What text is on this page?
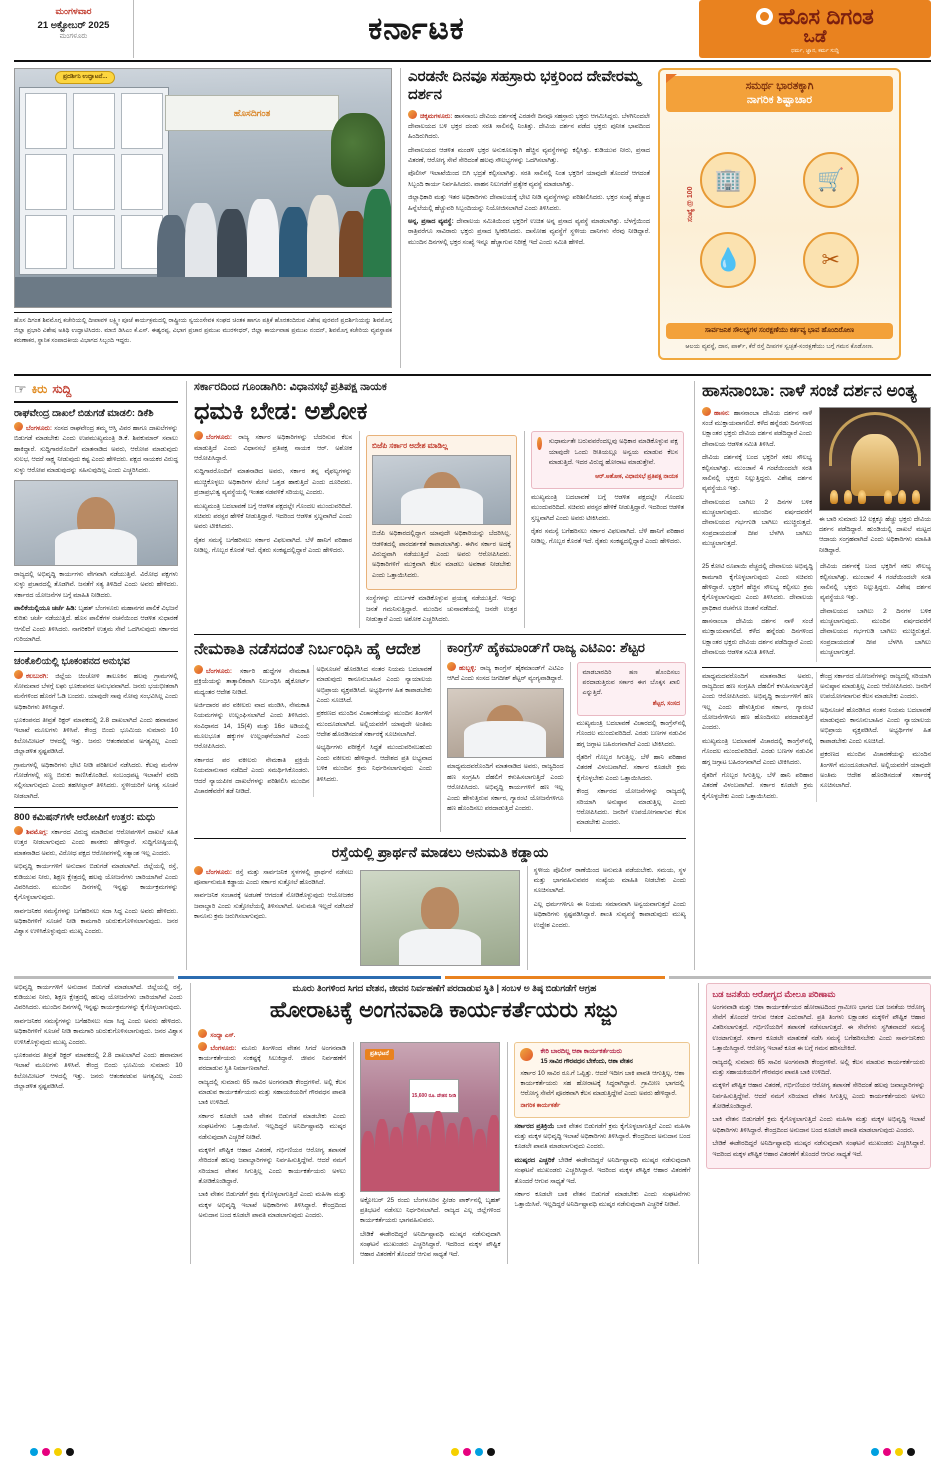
ಮಂಗಳವಾರ
21 ಅಕ್ಟೋಬರ್ 2025
ಮಂಗಳೂರು	ಕರ್ನಾಟಕ	ಹೊಸ ದಿಗಂತ
ಒಡೆ
ಧರ್ಮ, ಜ್ಞಾನ, ಕರ್ಮ ಸುದ್ದಿ
ಹೊಸದಿಗಂತ
ಪ್ರದರ್ಶಿನಿ ಉದ್ಘಾಟನೆ...
ಹೊಸ ದಿಗಂತ ಶಿವಮೊಗ್ಗ ಕಚೇರಿಯಲ್ಲಿ ದೀಪಾವಳಿ ಲಕ್ಷ್ಮೀ ಪೂಜೆ ಕಾರ್ಯಕ್ರಮದಲ್ಲಿ ರಾಷ್ಟ್ರೀಯ ಸ್ವಯಂಸೇವಕ ಸಂಘದ ಚಿಂತಕ ಹಾಗೂ ಪತ್ರಿಕೆ ಹೊರತಂದಿರುವ ವಿಶೇಷ ಪುರವಣಿ ಪ್ರದರ್ಶಿನಿಯನ್ನು ಶಿವಮೊಗ್ಗ ಜಿಲ್ಲಾ ಪ್ರಭಾರಿ ವಿಶೇಷ ಅತಿಥಿ ಉದ್ಘಾಟಿಸಿದರು. ಮಾಜಿ ಡಿಸಿಎಂ ಕೆ.ಎಸ್. ಈಶ್ವರಪ್ಪ, ವಿಭಾಗ ಪ್ರಚಾರ ಪ್ರಮುಖ ಮುರಳೀಧರ್, ಜಿಲ್ಲಾ ಕಾರ್ಯವಾಹ ಪ್ರಮುಖ ನಂದನ್, ಶಿವಮೊಗ್ಗ ಕಚೇರಿಯ ವ್ಯವಸ್ಥಾಪಕ ಕರುಣಾಕರ, ಸ್ಥಾನಿಕ ಸಂಪಾದಕೀಯ ವಿಭಾಗದ ಸಿಬ್ಬಂದಿ ಇದ್ದರು.
ಎರಡನೇ ದಿನವೂ ಸಹಸ್ರಾರು ಭಕ್ತರಿಂದ ದೇವೇರಮ್ಮ ದರ್ಶನ

ಚಿಕ್ಕಮಗಳೂರು: ಹಾಸನಾಂಬ ದೇವಿಯ ದರ್ಶನಕ್ಕೆ ಎರಡನೇ ದಿನವೂ ಸಹಸ್ರಾರು ಭಕ್ತರು ಆಗಮಿಸಿದ್ದರು. ಬೆಳಗಿನಿಂದಲೇ ದೇವಾಲಯದ ಬಳಿ ಭಕ್ತರ ದಂಡು ಸರತಿ ಸಾಲಿನಲ್ಲಿ ನಿಂತಿತ್ತು. ದೇವಿಯ ದರ್ಶನ ಪಡೆದ ಭಕ್ತರು ಪುನೀತ ಭಾವದಿಂದ ಹಿಂದಿರುಗಿದರು.

ದೇವಾಲಯದ ಆಡಳಿತ ಮಂಡಳಿ ಭಕ್ತರ ಅನುಕೂಲಕ್ಕಾಗಿ ಹೆಚ್ಚಿನ ವ್ಯವಸ್ಥೆಗಳನ್ನು ಕಲ್ಪಿಸಿತ್ತು. ಕುಡಿಯುವ ನೀರು, ಪ್ರಸಾದ ವಿತರಣೆ, ಆರೋಗ್ಯ ಸೇವೆ ಸೇರಿದಂತೆ ಹಲವು ಸೌಲಭ್ಯಗಳನ್ನು ಒದಗಿಸಲಾಗಿತ್ತು.

ಪೊಲೀಸ್ ಇಲಾಖೆಯಿಂದ ಬಿಗಿ ಭದ್ರತೆ ಕಲ್ಪಿಸಲಾಗಿತ್ತು. ಸರತಿ ಸಾಲಿನಲ್ಲಿ ನಿಂತ ಭಕ್ತರಿಗೆ ಯಾವುದೇ ತೊಂದರೆ ಆಗದಂತೆ ಸಿಬ್ಬಂದಿ ಕಾರ್ಯ ನಿರ್ವಹಿಸಿದರು. ವಾಹನ ನಿಲುಗಡೆಗೆ ಪ್ರತ್ಯೇಕ ವ್ಯವಸ್ಥೆ ಮಾಡಲಾಗಿತ್ತು.

ಜಿಲ್ಲಾಧಿಕಾರಿ ಮತ್ತು ಇತರ ಅಧಿಕಾರಿಗಳು ದೇವಾಲಯಕ್ಕೆ ಭೇಟಿ ನೀಡಿ ವ್ಯವಸ್ಥೆಗಳನ್ನು ಪರಿಶೀಲಿಸಿದರು. ಭಕ್ತರ ಸಂಖ್ಯೆ ಹೆಚ್ಚಾದ ಹಿನ್ನೆಲೆಯಲ್ಲಿ ಹೆಚ್ಚುವರಿ ಸಿಬ್ಬಂದಿಯನ್ನು ನಿಯೋಜಿಸಲಾಗಿದೆ ಎಂದು ತಿಳಿಸಿದರು.

ಅನ್ನ, ಪ್ರಸಾದ ವ್ಯವಸ್ಥೆ: ದೇವಾಲಯ ಸಮಿತಿಯಿಂದ ಭಕ್ತರಿಗೆ ಉಚಿತ ಅನ್ನ ಪ್ರಸಾದ ವ್ಯವಸ್ಥೆ ಮಾಡಲಾಗಿತ್ತು. ಬೆಳಗ್ಗೆಯಿಂದ ರಾತ್ರಿವರೆಗೂ ಸಾವಿರಾರು ಭಕ್ತರು ಪ್ರಸಾದ ಸ್ವೀಕರಿಸಿದರು. ದಾಸೋಹ ವ್ಯವಸ್ಥೆಗೆ ಸ್ಥಳೀಯ ದಾನಿಗಳು ನೆರವು ನೀಡಿದ್ದಾರೆ. ಮುಂದಿನ ದಿನಗಳಲ್ಲಿ ಭಕ್ತರ ಸಂಖ್ಯೆ ಇನ್ನೂ ಹೆಚ್ಚಾಗುವ ನಿರೀಕ್ಷೆ ಇದೆ ಎಂದು ಸಮಿತಿ ಹೇಳಿದೆ.

ಸಮರ್ಥ ಭಾರತಕ್ಕಾಗಿ
ನಾಗರಿಕ ಶಿಷ್ಟಾಚಾರ
ಸಂಖ್ಯೆ @ 100
🏢	🛒
💧	✂
ಸಾರ್ವಜನಿಕ ಸೌಲಭ್ಯಗಳ ಸಂರಕ್ಷಣೆಯು ಕರ್ತವ್ಯ ಭಾವ ಹೊಂದಿರೋಣ
ಆಲಯ ವ್ಯವಸ್ಥೆ, ದಾನ, ಪಾರ್ಕ್, ಕೆರೆ ರಸ್ತೆ ದೀಪಗಳ ಸ್ವಚ್ಛತೆ-ಸಂರಕ್ಷಣೆಯು ಬಗ್ಗೆ ಗಮನ ಕೊಡೋಣ.
☞ ಕಿರು ಸುದ್ದಿ
ರಾಘವೇಂದ್ರ ದಾಖಲೆ ಬಿಡುಗಡೆ ಮಾಡಲಿ: ಡಿಕೆಶಿ

ಬೆಂಗಳೂರು: ಸಂಸದ ರಾಘವೇಂದ್ರ ತಮ್ಮ ಆಸ್ತಿ ವಿವರ ಹಾಗೂ ದಾಖಲೆಗಳನ್ನು ಬಿಡುಗಡೆ ಮಾಡಬೇಕು ಎಂದು ಉಪಮುಖ್ಯಮಂತ್ರಿ ಡಿ.ಕೆ. ಶಿವಕುಮಾರ್ ಸವಾಲು ಹಾಕಿದ್ದಾರೆ. ಸುದ್ದಿಗಾರರೊಂದಿಗೆ ಮಾತನಾಡಿದ ಅವರು, ಆರೋಪ ಮಾಡುವುದು ಸುಲಭ, ಆದರೆ ಸಾಕ್ಷ್ಯ ನೀಡುವುದು ಕಷ್ಟ ಎಂದು ಹೇಳಿದರು. ಪಕ್ಷದ ನಾಯಕರ ವಿರುದ್ಧ ಸುಳ್ಳು ಆರೋಪ ಮಾಡುವುದನ್ನು ಸಹಿಸುವುದಿಲ್ಲ ಎಂದು ಎಚ್ಚರಿಸಿದರು.

ರಾಜ್ಯದಲ್ಲಿ ಅಭಿವೃದ್ಧಿ ಕಾರ್ಯಗಳು ವೇಗವಾಗಿ ನಡೆಯುತ್ತಿವೆ. ವಿರೋಧ ಪಕ್ಷಗಳು ಸುಳ್ಳು ಪ್ರಚಾರದಲ್ಲಿ ತೊಡಗಿವೆ. ಜನತೆಗೆ ಸತ್ಯ ತಿಳಿದಿದೆ ಎಂದು ಅವರು ಹೇಳಿದರು. ಸರ್ಕಾರದ ಯೋಜನೆಗಳ ಬಗ್ಗೆ ಮಾಹಿತಿ ನೀಡಿದರು.

ಪಾಲಿಕೆಯಲ್ಲಿಯೂ ಚರ್ಚೆ ಹಿಡಿ: ಬೃಹತ್ ಬೆಂಗಳೂರು ಮಹಾನಗರ ಪಾಲಿಕೆ ವಿಭಜನೆ ಕುರಿತು ಚರ್ಚೆ ನಡೆಯುತ್ತಿದೆ. ಹೊಸ ಪಾಲಿಕೆಗಳ ರಚನೆಯಿಂದ ಆಡಳಿತ ಸುಧಾರಣೆ ಆಗಲಿದೆ ಎಂದು ತಿಳಿಸಿದರು. ನಾಗರಿಕರಿಗೆ ಉತ್ತಮ ಸೇವೆ ಒದಗಿಸುವುದು ಸರ್ಕಾರದ ಗುರಿಯಾಗಿದೆ.

ಚಂಕೊಲಿಯಲ್ಲಿ ಭೂಕಂಪನದ ಅನುಭವ

ಕಲಬುರಗಿ: ಜಿಲ್ಲೆಯ ಚಿಂಚೋಳಿ ತಾಲೂಕಿನ ಹಲವು ಗ್ರಾಮಗಳಲ್ಲಿ ಸೋಮವಾರ ಬೆಳಗ್ಗೆ ಲಘು ಭೂಕಂಪನದ ಅನುಭವವಾಗಿದೆ. ಜನರು ಭಯಭೀತರಾಗಿ ಮನೆಗಳಿಂದ ಹೊರಗೆ ಓಡಿ ಬಂದರು. ಯಾವುದೇ ಸಾವು ನೋವು ಸಂಭವಿಸಿಲ್ಲ ಎಂದು ಅಧಿಕಾರಿಗಳು ತಿಳಿಸಿದ್ದಾರೆ.

ಭೂಕಂಪನದ ತೀವ್ರತೆ ರಿಕ್ಟರ್ ಮಾಪಕದಲ್ಲಿ 2.8 ದಾಖಲಾಗಿದೆ ಎಂದು ಹವಾಮಾನ ಇಲಾಖೆ ಮೂಲಗಳು ತಿಳಿಸಿವೆ. ಕೇಂದ್ರ ಬಿಂದು ಭೂಮಿಯ ಸುಮಾರು 10 ಕಿಲೋಮೀಟರ್ ಆಳದಲ್ಲಿ ಇತ್ತು. ಜನರು ಆತಂಕಪಡುವ ಅಗತ್ಯವಿಲ್ಲ ಎಂದು ಜಿಲ್ಲಾಡಳಿತ ಸ್ಪಷ್ಟಪಡಿಸಿದೆ.

ಗ್ರಾಮಗಳಲ್ಲಿ ಅಧಿಕಾರಿಗಳು ಭೇಟಿ ನೀಡಿ ಪರಿಶೀಲನೆ ನಡೆಸಿದರು. ಕೆಲವು ಮನೆಗಳ ಗೋಡೆಗಳಲ್ಲಿ ಸಣ್ಣ ಬಿರುಕು ಕಾಣಿಸಿಕೊಂಡಿದೆ. ಸಂಬಂಧಪಟ್ಟ ಇಲಾಖೆಗೆ ವರದಿ ಸಲ್ಲಿಸಲಾಗುವುದು ಎಂದು ತಹಸೀಲ್ದಾರ್ ತಿಳಿಸಿದರು. ಸ್ಥಳೀಯರಿಗೆ ಅಗತ್ಯ ಸೂಚನೆ ನೀಡಲಾಗಿದೆ.

800 ಕಮಿಷನ್‌ಗಳೇ ಆರೋಪಿಗೆ ಉತ್ತರ: ಮಧು

ಶಿವಮೊಗ್ಗ: ಸರ್ಕಾರದ ವಿರುದ್ಧ ಮಾಡಿರುವ ಆರೋಪಗಳಿಗೆ ದಾಖಲೆ ಸಹಿತ ಉತ್ತರ ನೀಡಲಾಗುವುದು ಎಂದು ಶಾಸಕರು ಹೇಳಿದ್ದಾರೆ. ಸುದ್ದಿಗೋಷ್ಠಿಯಲ್ಲಿ ಮಾತನಾಡಿದ ಅವರು, ವಿರೋಧ ಪಕ್ಷದ ಆರೋಪಗಳಲ್ಲಿ ಸತ್ಯಾಂಶ ಇಲ್ಲ ಎಂದರು.

ಅಭಿವೃದ್ಧಿ ಕಾರ್ಯಗಳಿಗೆ ಅನುದಾನ ಬಿಡುಗಡೆ ಮಾಡಲಾಗಿದೆ. ಜಿಲ್ಲೆಯಲ್ಲಿ ರಸ್ತೆ, ಕುಡಿಯುವ ನೀರು, ಶಿಕ್ಷಣ ಕ್ಷೇತ್ರದಲ್ಲಿ ಹಲವು ಯೋಜನೆಗಳು ಜಾರಿಯಾಗಿವೆ ಎಂದು ವಿವರಿಸಿದರು. ಮುಂದಿನ ದಿನಗಳಲ್ಲಿ ಇನ್ನಷ್ಟು ಕಾರ್ಯಕ್ರಮಗಳನ್ನು ಕೈಗೊಳ್ಳಲಾಗುವುದು.

ಸಾರ್ವಜನಿಕರ ಸಮಸ್ಯೆಗಳನ್ನು ಬಗೆಹರಿಸಲು ಸದಾ ಸಿದ್ಧ ಎಂದು ಅವರು ಹೇಳಿದರು. ಅಧಿಕಾರಿಗಳಿಗೆ ಸೂಚನೆ ನೀಡಿ ಕಾಮಗಾರಿ ಚುರುಕುಗೊಳಿಸಲಾಗುವುದು. ಜನರ ವಿಶ್ವಾಸ ಉಳಿಸಿಕೊಳ್ಳುವುದು ಮುಖ್ಯ ಎಂದರು.

ಸರ್ಕಾರದಿಂದ ಗೂಂಡಾಗಿರಿ: ವಿಧಾನಸಭೆ ಪ್ರತಿಪಕ್ಷ ನಾಯಕ
ಧಮಕಿ ಬೇಡ: ಅಶೋಕ

ಬೆಂಗಳೂರು: ರಾಜ್ಯ ಸರ್ಕಾರ ಅಧಿಕಾರಿಗಳನ್ನು ಬೆದರಿಸುವ ಕೆಲಸ ಮಾಡುತ್ತಿದೆ ಎಂದು ವಿಧಾನಸಭೆ ಪ್ರತಿಪಕ್ಷ ನಾಯಕ ಆರ್. ಅಶೋಕ ಆರೋಪಿಸಿದ್ದಾರೆ.

ಸುದ್ದಿಗಾರರೊಂದಿಗೆ ಮಾತನಾಡಿದ ಅವರು, ಸರ್ಕಾರ ತನ್ನ ವೈಫಲ್ಯಗಳನ್ನು ಮುಚ್ಚಿಕೊಳ್ಳಲು ಅಧಿಕಾರಿಗಳ ಮೇಲೆ ಒತ್ತಡ ಹಾಕುತ್ತಿದೆ ಎಂದು ದೂರಿದರು. ಪ್ರಜಾಪ್ರಭುತ್ವ ವ್ಯವಸ್ಥೆಯಲ್ಲಿ ಇಂತಹ ನಡವಳಿಕೆ ಸರಿಯಲ್ಲ ಎಂದರು.

ಮುಖ್ಯಮಂತ್ರಿ ಬದಲಾವಣೆ ಬಗ್ಗೆ ಆಡಳಿತ ಪಕ್ಷದಲ್ಲೇ ಗೊಂದಲ ಮುಂದುವರಿದಿದೆ. ಸಚಿವರು ಪರಸ್ಪರ ಹೇಳಿಕೆ ನೀಡುತ್ತಿದ್ದಾರೆ. ಇದರಿಂದ ಆಡಳಿತ ಸ್ತಬ್ಧವಾಗಿದೆ ಎಂದು ಅವರು ಟೀಕಿಸಿದರು.

ರೈತರ ಸಮಸ್ಯೆ ಬಗೆಹರಿಸಲು ಸರ್ಕಾರ ವಿಫಲವಾಗಿದೆ. ಬೆಳೆ ಹಾನಿಗೆ ಪರಿಹಾರ ನೀಡಿಲ್ಲ. ಗೊಬ್ಬರ ಕೊರತೆ ಇದೆ. ರೈತರು ಸಂಕಷ್ಟದಲ್ಲಿದ್ದಾರೆ ಎಂದು ಹೇಳಿದರು.

ಬಿಜೆಪಿ ಸರ್ಕಾರ ಅದೇಶ ಮಾಡಿಲ್ಲ

ಬಿಜೆಪಿ ಅಧಿಕಾರದಲ್ಲಿದ್ದಾಗ ಯಾವುದೇ ಅಧಿಕಾರಿಯನ್ನು ಬೆದರಿಸಿಲ್ಲ. ಆಡಳಿತದಲ್ಲಿ ಪಾರದರ್ಶಕತೆ ಕಾಪಾಡಲಾಗಿತ್ತು. ಈಗಿನ ಸರ್ಕಾರ ಅದಕ್ಕೆ ವಿರುದ್ಧವಾಗಿ ನಡೆಯುತ್ತಿದೆ ಎಂದು ಅವರು ಆರೋಪಿಸಿದರು. ಅಧಿಕಾರಿಗಳಿಗೆ ಮುಕ್ತವಾಗಿ ಕೆಲಸ ಮಾಡಲು ಅವಕಾಶ ನೀಡಬೇಕು ಎಂದು ಒತ್ತಾಯಿಸಿದರು.

ಸಂಸ್ಥೆಗಳನ್ನು ದುರ್ಬಳಕೆ ಮಾಡಿಕೊಳ್ಳುವ ಪ್ರಯತ್ನ ನಡೆಯುತ್ತಿದೆ. ಇದನ್ನು ಜನತೆ ಗಮನಿಸುತ್ತಿದ್ದಾರೆ. ಮುಂದಿನ ಚುನಾವಣೆಯಲ್ಲಿ ಜನರೇ ಉತ್ತರ ನೀಡುತ್ತಾರೆ ಎಂದು ಅಶೋಕ ಎಚ್ಚರಿಸಿದರು.

ಸುಧಾರ್ಮತೇ ಬರುವವರೆಂದಲ್ಲವು ಅಧಿಕಾರ ಮಾಡಿಕೊಳ್ಳುವ ಪಕ್ಷ ಯಾವುದೇ ಒಂದು ರೀತಿಯಲ್ಲೂ ಅನ್ವಯ ಮಾಡುವ ಕೆಲಸ ಮಾಡುತ್ತಿದೆ. ಇದರ ವಿರುದ್ಧ ಹೋರಾಟ ಮಾಡುತ್ತೇವೆ.

ಆರ್.ಅಶೋಕ, ವಿಧಾನಸಭೆ ಪ್ರತಿಪಕ್ಷ ನಾಯಕ

ಮುಖ್ಯಮಂತ್ರಿ ಬದಲಾವಣೆ ಬಗ್ಗೆ ಆಡಳಿತ ಪಕ್ಷದಲ್ಲೇ ಗೊಂದಲ ಮುಂದುವರಿದಿದೆ. ಸಚಿವರು ಪರಸ್ಪರ ಹೇಳಿಕೆ ನೀಡುತ್ತಿದ್ದಾರೆ. ಇದರಿಂದ ಆಡಳಿತ ಸ್ತಬ್ಧವಾಗಿದೆ ಎಂದು ಅವರು ಟೀಕಿಸಿದರು.

ರೈತರ ಸಮಸ್ಯೆ ಬಗೆಹರಿಸಲು ಸರ್ಕಾರ ವಿಫಲವಾಗಿದೆ. ಬೆಳೆ ಹಾನಿಗೆ ಪರಿಹಾರ ನೀಡಿಲ್ಲ. ಗೊಬ್ಬರ ಕೊರತೆ ಇದೆ. ರೈತರು ಸಂಕಷ್ಟದಲ್ಲಿದ್ದಾರೆ ಎಂದು ಹೇಳಿದರು.

ನೇಮಕಾತಿ ನಡೆಸದಂತೆ ನಿರ್ಬಂಧಿಸಿ ಹೈ ಆದೇಶ

ಬೆಂಗಳೂರು: ಸರ್ಕಾರಿ ಹುದ್ದೆಗಳ ನೇಮಕಾತಿ ಪ್ರಕ್ರಿಯೆಯನ್ನು ತಾತ್ಕಾಲಿಕವಾಗಿ ನಿರ್ಬಂಧಿಸಿ ಹೈಕೋರ್ಟ್ ಮಧ್ಯಂತರ ಆದೇಶ ನೀಡಿದೆ.

ಅರ್ಜಿದಾರರ ಪರ ವಕೀಲರು ವಾದ ಮಂಡಿಸಿ, ನೇಮಕಾತಿ ನಿಯಮಗಳನ್ನು ಉಲ್ಲಂಘಿಸಲಾಗಿದೆ ಎಂದು ತಿಳಿಸಿದರು. ಸಂವಿಧಾನದ 14, 15(4) ಮತ್ತು 16ರ ಅಡಿಯಲ್ಲಿ ಮೂಲಭೂತ ಹಕ್ಕುಗಳ ಉಲ್ಲಂಘನೆಯಾಗಿದೆ ಎಂದು ಆರೋಪಿಸಿದರು.

ಸರ್ಕಾರದ ಪರ ವಕೀಲರು ನೇಮಕಾತಿ ಪ್ರಕ್ರಿಯೆ ನಿಯಮಾನುಸಾರ ನಡೆದಿದೆ ಎಂದು ಸಮರ್ಥಿಸಿಕೊಂಡರು. ಆದರೆ ನ್ಯಾಯಪೀಠ ದಾಖಲೆಗಳನ್ನು ಪರಿಶೀಲಿಸಿ ಮುಂದಿನ ವಿಚಾರಣೆವರೆಗೆ ತಡೆ ನೀಡಿದೆ.

ಅಧಿಸೂಚನೆ ಹೊರಡಿಸಿದ ನಂತರ ನಿಯಮ ಬದಲಾವಣೆ ಮಾಡುವುದು ಕಾನೂನುಬಾಹಿರ ಎಂದು ನ್ಯಾಯಾಲಯ ಅಭಿಪ್ರಾಯ ವ್ಯಕ್ತಪಡಿಸಿದೆ. ಅಭ್ಯರ್ಥಿಗಳ ಹಿತ ಕಾಪಾಡಬೇಕು ಎಂದು ಸೂಚಿಸಿದೆ.

ಪ್ರಕರಣದ ಮುಂದಿನ ವಿಚಾರಣೆಯನ್ನು ಮುಂದಿನ ತಿಂಗಳಿಗೆ ಮುಂದೂಡಲಾಗಿದೆ. ಅಲ್ಲಿಯವರೆಗೆ ಯಾವುದೇ ಅಂತಿಮ ಆದೇಶ ಹೊರಡಿಸದಂತೆ ಸರ್ಕಾರಕ್ಕೆ ಸೂಚಿಸಲಾಗಿದೆ.

ಅಭ್ಯರ್ಥಿಗಳು ಪರೀಕ್ಷೆಗೆ ಸಿದ್ಧತೆ ಮುಂದುವರಿಸಬಹುದು ಎಂದು ವಕೀಲರು ಹೇಳಿದ್ದಾರೆ. ಆದೇಶದ ಪ್ರತಿ ಲಭ್ಯವಾದ ಬಳಿಕ ಮುಂದಿನ ಕ್ರಮ ನಿರ್ಧರಿಸಲಾಗುವುದು ಎಂದು ತಿಳಿಸಿದರು.

ಕಾಂಗ್ರೆಸ್ ಹೈಕಮಾಂಡ್‌ಗೆ ರಾಜ್ಯ ಎಟಿಎಂ: ಶೆಟ್ಟರ

ಹುಬ್ಬಳ್ಳಿ: ರಾಜ್ಯ ಕಾಂಗ್ರೆಸ್ ಹೈಕಮಾಂಡ್‌ಗೆ ಎಟಿಎಂ ಆಗಿದೆ ಎಂದು ಸಂಸದ ಜಗದೀಶ್ ಶೆಟ್ಟರ್ ವ್ಯಂಗ್ಯವಾಡಿದ್ದಾರೆ.

ಮಾಧ್ಯಮದವರೊಂದಿಗೆ ಮಾತನಾಡಿದ ಅವರು, ರಾಜ್ಯದಿಂದ ಹಣ ಸಂಗ್ರಹಿಸಿ ದೆಹಲಿಗೆ ಕಳುಹಿಸಲಾಗುತ್ತಿದೆ ಎಂದು ಆರೋಪಿಸಿದರು. ಅಭಿವೃದ್ಧಿ ಕಾರ್ಯಗಳಿಗೆ ಹಣ ಇಲ್ಲ ಎಂದು ಹೇಳುತ್ತಿರುವ ಸರ್ಕಾರ, ಗ್ಯಾರಂಟಿ ಯೋಜನೆಗಳಿಗೂ ಹಣ ಹೊಂದಿಸಲು ಪರದಾಡುತ್ತಿದೆ ಎಂದರು.

ಮಾಡಬಾರದಿರಿ ಹಣ ಹೊಂದಿಸಲು ಪರದಾಡುತ್ತಿರುವ ಸರ್ಕಾರ ಈಗ ಬೊಕ್ಕಸ ಖಾಲಿ ಎನ್ನುತ್ತಿದೆ.

ಶೆಟ್ಟರ, ಸಂಸದ

ಮುಖ್ಯಮಂತ್ರಿ ಬದಲಾವಣೆ ವಿಚಾರದಲ್ಲಿ ಕಾಂಗ್ರೆಸ್‌ನಲ್ಲಿ ಗೊಂದಲ ಮುಂದುವರಿದಿದೆ. ಎರಡು ಬಣಗಳ ನಡುವಿನ ಹಗ್ಗ ಜಗ್ಗಾಟ ಬಹಿರಂಗವಾಗಿದೆ ಎಂದು ಟೀಕಿಸಿದರು.

ರೈತರಿಗೆ ಗೊಬ್ಬರ ಸಿಗುತ್ತಿಲ್ಲ. ಬೆಳೆ ಹಾನಿ ಪರಿಹಾರ ವಿತರಣೆ ವಿಳಂಬವಾಗಿದೆ. ಸರ್ಕಾರ ಕೂಡಲೇ ಕ್ರಮ ಕೈಗೊಳ್ಳಬೇಕು ಎಂದು ಒತ್ತಾಯಿಸಿದರು.

ಕೇಂದ್ರ ಸರ್ಕಾರದ ಯೋಜನೆಗಳನ್ನು ರಾಜ್ಯದಲ್ಲಿ ಸರಿಯಾಗಿ ಅನುಷ್ಠಾನ ಮಾಡುತ್ತಿಲ್ಲ ಎಂದು ಆರೋಪಿಸಿದರು. ಜನರಿಗೆ ಉಪಯೋಗವಾಗುವ ಕೆಲಸ ಮಾಡಬೇಕು ಎಂದರು.

ರಸ್ತೆಯಲ್ಲಿ ಪ್ರಾರ್ಥನೆ ಮಾಡಲು ಅನುಮತಿ ಕಡ್ಡಾಯ

ಬೆಂಗಳೂರು: ರಸ್ತೆ ಮತ್ತು ಸಾರ್ವಜನಿಕ ಸ್ಥಳಗಳಲ್ಲಿ ಪ್ರಾರ್ಥನೆ ನಡೆಸಲು ಪೂರ್ವಾನುಮತಿ ಕಡ್ಡಾಯ ಎಂದು ಸರ್ಕಾರ ಸುತ್ತೋಲೆ ಹೊರಡಿಸಿದೆ.

ಸಾರ್ವಜನಿಕ ಸಂಚಾರಕ್ಕೆ ಅಡಚಣೆ ಆಗದಂತೆ ನೋಡಿಕೊಳ್ಳುವುದು ಆಯೋಜಕರ ಜವಾಬ್ದಾರಿ ಎಂದು ಸುತ್ತೋಲೆಯಲ್ಲಿ ತಿಳಿಸಲಾಗಿದೆ. ಅನುಮತಿ ಇಲ್ಲದೆ ನಡೆಸಿದರೆ ಕಾನೂನು ಕ್ರಮ ಜರುಗಿಸಲಾಗುವುದು.

ಸ್ಥಳೀಯ ಪೊಲೀಸ್ ಠಾಣೆಯಿಂದ ಅನುಮತಿ ಪಡೆಯಬೇಕು. ಸಮಯ, ಸ್ಥಳ ಮತ್ತು ಭಾಗವಹಿಸುವವರ ಸಂಖ್ಯೆಯ ಮಾಹಿತಿ ನೀಡಬೇಕು ಎಂದು ಸೂಚಿಸಲಾಗಿದೆ.

ಎಲ್ಲ ಧರ್ಮಗಳಿಗೂ ಈ ನಿಯಮ ಸಮಾನವಾಗಿ ಅನ್ವಯವಾಗುತ್ತದೆ ಎಂದು ಅಧಿಕಾರಿಗಳು ಸ್ಪಷ್ಟಪಡಿಸಿದ್ದಾರೆ. ಶಾಂತಿ ಸುವ್ಯವಸ್ಥೆ ಕಾಪಾಡುವುದು ಮುಖ್ಯ ಉದ್ದೇಶ ಎಂದರು.

ಹಾಸನಾಂಬಾ: ನಾಳೆ ಸಂಜೆ ದರ್ಶನ ಅಂತ್ಯ

ಹಾಸನ: ಹಾಸನಾಂಬಾ ದೇವಿಯ ದರ್ಶನ ನಾಳೆ ಸಂಜೆ ಮುಕ್ತಾಯವಾಗಲಿದೆ. ಕಳೆದ ಹನ್ನೆರಡು ದಿನಗಳಿಂದ ಲಕ್ಷಾಂತರ ಭಕ್ತರು ದೇವಿಯ ದರ್ಶನ ಪಡೆದಿದ್ದಾರೆ ಎಂದು ದೇವಾಲಯ ಆಡಳಿತ ಸಮಿತಿ ತಿಳಿಸಿದೆ.

ದೇವಿಯ ದರ್ಶನಕ್ಕೆ ಬಂದ ಭಕ್ತರಿಗೆ ಸಕಲ ಸೌಲಭ್ಯ ಕಲ್ಪಿಸಲಾಗಿತ್ತು. ಮುಂಜಾನೆ 4 ಗಂಟೆಯಿಂದಲೇ ಸರತಿ ಸಾಲಿನಲ್ಲಿ ಭಕ್ತರು ನಿಲ್ಲುತ್ತಿದ್ದರು. ವಿಶೇಷ ದರ್ಶನ ವ್ಯವಸ್ಥೆಯೂ ಇತ್ತು.

ದೇವಾಲಯದ ಬಾಗಿಲು 2 ದಿನಗಳ ಬಳಿಕ ಮುಚ್ಚಲಾಗುವುದು. ಮುಂದಿನ ವರ್ಷದವರೆಗೆ ದೇವಾಲಯದ ಗರ್ಭಗುಡಿ ಬಾಗಿಲು ಮುಚ್ಚಿರುತ್ತದೆ. ಸಂಪ್ರದಾಯದಂತೆ ದೀಪ ಬೆಳಗಿಸಿ ಬಾಗಿಲು ಮುಚ್ಚಲಾಗುತ್ತದೆ.

ಈ ಬಾರಿ ಸುಮಾರು 12 ಲಕ್ಷಕ್ಕೂ ಹೆಚ್ಚು ಭಕ್ತರು ದೇವಿಯ ದರ್ಶನ ಪಡೆದಿದ್ದಾರೆ. ಹುಂಡಿಯಲ್ಲಿ ದಾಖಲೆ ಮಟ್ಟದ ಆದಾಯ ಸಂಗ್ರಹವಾಗಿದೆ ಎಂದು ಅಧಿಕಾರಿಗಳು ಮಾಹಿತಿ ನೀಡಿದ್ದಾರೆ.

25 ಕೋಟಿ ರೂಪಾಯಿ ವೆಚ್ಚದಲ್ಲಿ ದೇವಾಲಯ ಅಭಿವೃದ್ಧಿ ಕಾಮಗಾರಿ ಕೈಗೊಳ್ಳಲಾಗುವುದು ಎಂದು ಸಚಿವರು ಹೇಳಿದ್ದಾರೆ. ಭಕ್ತರಿಗೆ ಹೆಚ್ಚಿನ ಸೌಲಭ್ಯ ಕಲ್ಪಿಸಲು ಕ್ರಮ ಕೈಗೊಳ್ಳಲಾಗುವುದು ಎಂದು ತಿಳಿಸಿದರು. ದೇವಾಲಯ ಪ್ರಾಧಿಕಾರ ರಚನೆಗೂ ಚಿಂತನೆ ನಡೆದಿದೆ.

ಹಾಸನಾಂಬಾ ದೇವಿಯ ದರ್ಶನ ನಾಳೆ ಸಂಜೆ ಮುಕ್ತಾಯವಾಗಲಿದೆ. ಕಳೆದ ಹನ್ನೆರಡು ದಿನಗಳಿಂದ ಲಕ್ಷಾಂತರ ಭಕ್ತರು ದೇವಿಯ ದರ್ಶನ ಪಡೆದಿದ್ದಾರೆ ಎಂದು ದೇವಾಲಯ ಆಡಳಿತ ಸಮಿತಿ ತಿಳಿಸಿದೆ.

ದೇವಿಯ ದರ್ಶನಕ್ಕೆ ಬಂದ ಭಕ್ತರಿಗೆ ಸಕಲ ಸೌಲಭ್ಯ ಕಲ್ಪಿಸಲಾಗಿತ್ತು. ಮುಂಜಾನೆ 4 ಗಂಟೆಯಿಂದಲೇ ಸರತಿ ಸಾಲಿನಲ್ಲಿ ಭಕ್ತರು ನಿಲ್ಲುತ್ತಿದ್ದರು. ವಿಶೇಷ ದರ್ಶನ ವ್ಯವಸ್ಥೆಯೂ ಇತ್ತು.

ದೇವಾಲಯದ ಬಾಗಿಲು 2 ದಿನಗಳ ಬಳಿಕ ಮುಚ್ಚಲಾಗುವುದು. ಮುಂದಿನ ವರ್ಷದವರೆಗೆ ದೇವಾಲಯದ ಗರ್ಭಗುಡಿ ಬಾಗಿಲು ಮುಚ್ಚಿರುತ್ತದೆ. ಸಂಪ್ರದಾಯದಂತೆ ದೀಪ ಬೆಳಗಿಸಿ ಬಾಗಿಲು ಮುಚ್ಚಲಾಗುತ್ತದೆ.

ಮಾಧ್ಯಮದವರೊಂದಿಗೆ ಮಾತನಾಡಿದ ಅವರು, ರಾಜ್ಯದಿಂದ ಹಣ ಸಂಗ್ರಹಿಸಿ ದೆಹಲಿಗೆ ಕಳುಹಿಸಲಾಗುತ್ತಿದೆ ಎಂದು ಆರೋಪಿಸಿದರು. ಅಭಿವೃದ್ಧಿ ಕಾರ್ಯಗಳಿಗೆ ಹಣ ಇಲ್ಲ ಎಂದು ಹೇಳುತ್ತಿರುವ ಸರ್ಕಾರ, ಗ್ಯಾರಂಟಿ ಯೋಜನೆಗಳಿಗೂ ಹಣ ಹೊಂದಿಸಲು ಪರದಾಡುತ್ತಿದೆ ಎಂದರು.

ಮುಖ್ಯಮಂತ್ರಿ ಬದಲಾವಣೆ ವಿಚಾರದಲ್ಲಿ ಕಾಂಗ್ರೆಸ್‌ನಲ್ಲಿ ಗೊಂದಲ ಮುಂದುವರಿದಿದೆ. ಎರಡು ಬಣಗಳ ನಡುವಿನ ಹಗ್ಗ ಜಗ್ಗಾಟ ಬಹಿರಂಗವಾಗಿದೆ ಎಂದು ಟೀಕಿಸಿದರು.

ರೈತರಿಗೆ ಗೊಬ್ಬರ ಸಿಗುತ್ತಿಲ್ಲ. ಬೆಳೆ ಹಾನಿ ಪರಿಹಾರ ವಿತರಣೆ ವಿಳಂಬವಾಗಿದೆ. ಸರ್ಕಾರ ಕೂಡಲೇ ಕ್ರಮ ಕೈಗೊಳ್ಳಬೇಕು ಎಂದು ಒತ್ತಾಯಿಸಿದರು.

ಕೇಂದ್ರ ಸರ್ಕಾರದ ಯೋಜನೆಗಳನ್ನು ರಾಜ್ಯದಲ್ಲಿ ಸರಿಯಾಗಿ ಅನುಷ್ಠಾನ ಮಾಡುತ್ತಿಲ್ಲ ಎಂದು ಆರೋಪಿಸಿದರು. ಜನರಿಗೆ ಉಪಯೋಗವಾಗುವ ಕೆಲಸ ಮಾಡಬೇಕು ಎಂದರು.

ಅಧಿಸೂಚನೆ ಹೊರಡಿಸಿದ ನಂತರ ನಿಯಮ ಬದಲಾವಣೆ ಮಾಡುವುದು ಕಾನೂನುಬಾಹಿರ ಎಂದು ನ್ಯಾಯಾಲಯ ಅಭಿಪ್ರಾಯ ವ್ಯಕ್ತಪಡಿಸಿದೆ. ಅಭ್ಯರ್ಥಿಗಳ ಹಿತ ಕಾಪಾಡಬೇಕು ಎಂದು ಸೂಚಿಸಿದೆ.

ಪ್ರಕರಣದ ಮುಂದಿನ ವಿಚಾರಣೆಯನ್ನು ಮುಂದಿನ ತಿಂಗಳಿಗೆ ಮುಂದೂಡಲಾಗಿದೆ. ಅಲ್ಲಿಯವರೆಗೆ ಯಾವುದೇ ಅಂತಿಮ ಆದೇಶ ಹೊರಡಿಸದಂತೆ ಸರ್ಕಾರಕ್ಕೆ ಸೂಚಿಸಲಾಗಿದೆ.

ಅಭಿವೃದ್ಧಿ ಕಾರ್ಯಗಳಿಗೆ ಅನುದಾನ ಬಿಡುಗಡೆ ಮಾಡಲಾಗಿದೆ. ಜಿಲ್ಲೆಯಲ್ಲಿ ರಸ್ತೆ, ಕುಡಿಯುವ ನೀರು, ಶಿಕ್ಷಣ ಕ್ಷೇತ್ರದಲ್ಲಿ ಹಲವು ಯೋಜನೆಗಳು ಜಾರಿಯಾಗಿವೆ ಎಂದು ವಿವರಿಸಿದರು. ಮುಂದಿನ ದಿನಗಳಲ್ಲಿ ಇನ್ನಷ್ಟು ಕಾರ್ಯಕ್ರಮಗಳನ್ನು ಕೈಗೊಳ್ಳಲಾಗುವುದು.

ಸಾರ್ವಜನಿಕರ ಸಮಸ್ಯೆಗಳನ್ನು ಬಗೆಹರಿಸಲು ಸದಾ ಸಿದ್ಧ ಎಂದು ಅವರು ಹೇಳಿದರು. ಅಧಿಕಾರಿಗಳಿಗೆ ಸೂಚನೆ ನೀಡಿ ಕಾಮಗಾರಿ ಚುರುಕುಗೊಳಿಸಲಾಗುವುದು. ಜನರ ವಿಶ್ವಾಸ ಉಳಿಸಿಕೊಳ್ಳುವುದು ಮುಖ್ಯ ಎಂದರು.

ಭೂಕಂಪನದ ತೀವ್ರತೆ ರಿಕ್ಟರ್ ಮಾಪಕದಲ್ಲಿ 2.8 ದಾಖಲಾಗಿದೆ ಎಂದು ಹವಾಮಾನ ಇಲಾಖೆ ಮೂಲಗಳು ತಿಳಿಸಿವೆ. ಕೇಂದ್ರ ಬಿಂದು ಭೂಮಿಯ ಸುಮಾರು 10 ಕಿಲೋಮೀಟರ್ ಆಳದಲ್ಲಿ ಇತ್ತು. ಜನರು ಆತಂಕಪಡುವ ಅಗತ್ಯವಿಲ್ಲ ಎಂದು ಜಿಲ್ಲಾಡಳಿತ ಸ್ಪಷ್ಟಪಡಿಸಿದೆ.

ಮೂರು ತಿಂಗಳಿಂದ ಸಿಗದ ವೇತನ, ಜೀವನ ನಿರ್ವಹಣೆಗೆ ಪರದಾಡುವ ಸ್ಥಿತಿ | ಸಂಬಳ ಅ ತಿಷ್ಠ ಬಿಡುಗಡೆಗೆ ಆಗ್ರಹ
ಹೋರಾಟಕ್ಕೆ ಅಂಗನವಾಡಿ ಕಾರ್ಯಕರ್ತೆಯರು ಸಜ್ಜು
ಸಂಧ್ಯಾ ಎಸ್.

ಬೆಂಗಳೂರು: ಮೂರು ತಿಂಗಳಿಂದ ವೇತನ ಸಿಗದೆ ಅಂಗನವಾಡಿ ಕಾರ್ಯಕರ್ತೆಯರು ಸಂಕಷ್ಟಕ್ಕೆ ಸಿಲುಕಿದ್ದಾರೆ. ಜೀವನ ನಿರ್ವಹಣೆಗೆ ಪರದಾಡುವ ಸ್ಥಿತಿ ನಿರ್ಮಾಣವಾಗಿದೆ.

ರಾಜ್ಯದಲ್ಲಿ ಸುಮಾರು 65 ಸಾವಿರ ಅಂಗನವಾಡಿ ಕೇಂದ್ರಗಳಿವೆ. ಅಲ್ಲಿ ಕೆಲಸ ಮಾಡುವ ಕಾರ್ಯಕರ್ತೆಯರು ಮತ್ತು ಸಹಾಯಕಿಯರಿಗೆ ಗೌರವಧನ ಪಾವತಿ ಬಾಕಿ ಉಳಿದಿದೆ.

ಸರ್ಕಾರ ಕೂಡಲೇ ಬಾಕಿ ವೇತನ ಬಿಡುಗಡೆ ಮಾಡಬೇಕು ಎಂದು ಸಂಘಟನೆಗಳು ಒತ್ತಾಯಿಸಿವೆ. ಇಲ್ಲದಿದ್ದರೆ ಅನಿರ್ದಿಷ್ಟಾವಧಿ ಮುಷ್ಕರ ನಡೆಸುವುದಾಗಿ ಎಚ್ಚರಿಕೆ ನೀಡಿವೆ.

ಮಕ್ಕಳಿಗೆ ಪೌಷ್ಟಿಕ ಆಹಾರ ವಿತರಣೆ, ಗರ್ಭಿಣಿಯರ ಆರೋಗ್ಯ ತಪಾಸಣೆ ಸೇರಿದಂತೆ ಹಲವು ಜವಾಬ್ದಾರಿಗಳನ್ನು ನಿರ್ವಹಿಸುತ್ತಿದ್ದೇವೆ. ಆದರೆ ನಮಗೆ ಸರಿಯಾದ ವೇತನ ಸಿಗುತ್ತಿಲ್ಲ ಎಂದು ಕಾರ್ಯಕರ್ತೆಯರು ಅಳಲು ತೋಡಿಕೊಂಡಿದ್ದಾರೆ.

ಬಾಕಿ ವೇತನ ಬಿಡುಗಡೆಗೆ ಕ್ರಮ ಕೈಗೊಳ್ಳಲಾಗುತ್ತಿದೆ ಎಂದು ಮಹಿಳಾ ಮತ್ತು ಮಕ್ಕಳ ಅಭಿವೃದ್ಧಿ ಇಲಾಖೆ ಅಧಿಕಾರಿಗಳು ತಿಳಿಸಿದ್ದಾರೆ. ಕೇಂದ್ರದಿಂದ ಅನುದಾನ ಬಂದ ಕೂಡಲೇ ಪಾವತಿ ಮಾಡಲಾಗುವುದು ಎಂದರು.

ಪ್ರತಿಭಟನೆ
15,600 ರೂ. ವೇತನ ನೀಡಿ

ಅಕ್ಟೋಬರ್ 25 ರಂದು ಬೆಂಗಳೂರಿನ ಫ್ರೀಡಂ ಪಾರ್ಕ್‌ನಲ್ಲಿ ಬೃಹತ್ ಪ್ರತಿಭಟನೆ ನಡೆಸಲು ನಿರ್ಧರಿಸಲಾಗಿದೆ. ರಾಜ್ಯದ ಎಲ್ಲ ಜಿಲ್ಲೆಗಳಿಂದ ಕಾರ್ಯಕರ್ತೆಯರು ಭಾಗವಹಿಸುವರು.

ಬೇಡಿಕೆ ಈಡೇರದಿದ್ದರೆ ಅನಿರ್ದಿಷ್ಟಾವಧಿ ಮುಷ್ಕರ ನಡೆಸುವುದಾಗಿ ಸಂಘಟನೆ ಮುಖಂಡರು ಎಚ್ಚರಿಸಿದ್ದಾರೆ. ಇದರಿಂದ ಮಕ್ಕಳ ಪೌಷ್ಟಿಕ ಆಹಾರ ವಿತರಣೆಗೆ ತೊಂದರೆ ಆಗುವ ಸಾಧ್ಯತೆ ಇದೆ.

ಕೇರಿ ಬಾರದಿಲ್ಲ ಆಶಾ ಕಾರ್ಯಕರ್ತೆಯರು
15 ಸಾವಿರ ಗೌರವಧನ ಬೇಕೆಂದು, ಆಶಾ ವೇತನ

ಸರ್ಕಾರ 10 ಸಾವಿರ ರೂ.ಗೆ ಒಪ್ಪಿತ್ತು. ಆದರೆ ಇದೀಗ ಬಾಕಿ ಪಾವತಿ ಆಗುತ್ತಿಲ್ಲ. ಆಶಾ ಕಾರ್ಯಕರ್ತೆಯರು ಸಹ ಹೋರಾಟಕ್ಕೆ ಸಿದ್ಧರಾಗಿದ್ದಾರೆ. ಗ್ರಾಮೀಣ ಭಾಗದಲ್ಲಿ ಆರೋಗ್ಯ ಸೇವೆಗೆ ಪೂರಕವಾಗಿ ಕೆಲಸ ಮಾಡುತ್ತಿದ್ದೇವೆ ಎಂದು ಅವರು ಹೇಳಿದ್ದಾರೆ.

ನಾಗರಿಕ ಕಾರ್ಯಕರ್ತೆ

ಸರ್ಕಾರದ ಪ್ರತಿಕ್ರಿಯೆ ಬಾಕಿ ವೇತನ ಬಿಡುಗಡೆಗೆ ಕ್ರಮ ಕೈಗೊಳ್ಳಲಾಗುತ್ತಿದೆ ಎಂದು ಮಹಿಳಾ ಮತ್ತು ಮಕ್ಕಳ ಅಭಿವೃದ್ಧಿ ಇಲಾಖೆ ಅಧಿಕಾರಿಗಳು ತಿಳಿಸಿದ್ದಾರೆ. ಕೇಂದ್ರದಿಂದ ಅನುದಾನ ಬಂದ ಕೂಡಲೇ ಪಾವತಿ ಮಾಡಲಾಗುವುದು ಎಂದರು.

ಮುಷ್ಕರದ ಎಚ್ಚರಿಕೆ ಬೇಡಿಕೆ ಈಡೇರದಿದ್ದರೆ ಅನಿರ್ದಿಷ್ಟಾವಧಿ ಮುಷ್ಕರ ನಡೆಸುವುದಾಗಿ ಸಂಘಟನೆ ಮುಖಂಡರು ಎಚ್ಚರಿಸಿದ್ದಾರೆ. ಇದರಿಂದ ಮಕ್ಕಳ ಪೌಷ್ಟಿಕ ಆಹಾರ ವಿತರಣೆಗೆ ತೊಂದರೆ ಆಗುವ ಸಾಧ್ಯತೆ ಇದೆ.

ಸರ್ಕಾರ ಕೂಡಲೇ ಬಾಕಿ ವೇತನ ಬಿಡುಗಡೆ ಮಾಡಬೇಕು ಎಂದು ಸಂಘಟನೆಗಳು ಒತ್ತಾಯಿಸಿವೆ. ಇಲ್ಲದಿದ್ದರೆ ಅನಿರ್ದಿಷ್ಟಾವಧಿ ಮುಷ್ಕರ ನಡೆಸುವುದಾಗಿ ಎಚ್ಚರಿಕೆ ನೀಡಿವೆ.

ಬಡ ಜನತೆಯ ಆರೋಗ್ಯದ ಮೇಲೂ ಪರಿಣಾಮ

ಅಂಗನವಾಡಿ ಮತ್ತು ಆಶಾ ಕಾರ್ಯಕರ್ತೆಯರ ಹೋರಾಟದಿಂದ ಗ್ರಾಮೀಣ ಭಾಗದ ಬಡ ಜನತೆಯ ಆರೋಗ್ಯ ಸೇವೆಗೆ ತೊಂದರೆ ಆಗುವ ಆತಂಕ ಎದುರಾಗಿದೆ. ಪ್ರತಿ ತಿಂಗಳು ಲಕ್ಷಾಂತರ ಮಕ್ಕಳಿಗೆ ಪೌಷ್ಟಿಕ ಆಹಾರ ವಿತರಿಸಲಾಗುತ್ತದೆ. ಗರ್ಭಿಣಿಯರಿಗೆ ತಪಾಸಣೆ ನಡೆಸಲಾಗುತ್ತದೆ. ಈ ಸೇವೆಗಳು ಸ್ಥಗಿತವಾದರೆ ಸಮಸ್ಯೆ ಉಂಟಾಗುತ್ತದೆ. ಸರ್ಕಾರ ಕೂಡಲೇ ಮಾತುಕತೆ ನಡೆಸಿ ಸಮಸ್ಯೆ ಬಗೆಹರಿಸಬೇಕು ಎಂದು ಸಾರ್ವಜನಿಕರು ಒತ್ತಾಯಿಸಿದ್ದಾರೆ. ಆರೋಗ್ಯ ಇಲಾಖೆ ಕೂಡ ಈ ಬಗ್ಗೆ ಗಮನ ಹರಿಸಬೇಕಿದೆ.

ರಾಜ್ಯದಲ್ಲಿ ಸುಮಾರು 65 ಸಾವಿರ ಅಂಗನವಾಡಿ ಕೇಂದ್ರಗಳಿವೆ. ಅಲ್ಲಿ ಕೆಲಸ ಮಾಡುವ ಕಾರ್ಯಕರ್ತೆಯರು ಮತ್ತು ಸಹಾಯಕಿಯರಿಗೆ ಗೌರವಧನ ಪಾವತಿ ಬಾಕಿ ಉಳಿದಿದೆ.

ಮಕ್ಕಳಿಗೆ ಪೌಷ್ಟಿಕ ಆಹಾರ ವಿತರಣೆ, ಗರ್ಭಿಣಿಯರ ಆರೋಗ್ಯ ತಪಾಸಣೆ ಸೇರಿದಂತೆ ಹಲವು ಜವಾಬ್ದಾರಿಗಳನ್ನು ನಿರ್ವಹಿಸುತ್ತಿದ್ದೇವೆ. ಆದರೆ ನಮಗೆ ಸರಿಯಾದ ವೇತನ ಸಿಗುತ್ತಿಲ್ಲ ಎಂದು ಕಾರ್ಯಕರ್ತೆಯರು ಅಳಲು ತೋಡಿಕೊಂಡಿದ್ದಾರೆ.

ಬಾಕಿ ವೇತನ ಬಿಡುಗಡೆಗೆ ಕ್ರಮ ಕೈಗೊಳ್ಳಲಾಗುತ್ತಿದೆ ಎಂದು ಮಹಿಳಾ ಮತ್ತು ಮಕ್ಕಳ ಅಭಿವೃದ್ಧಿ ಇಲಾಖೆ ಅಧಿಕಾರಿಗಳು ತಿಳಿಸಿದ್ದಾರೆ. ಕೇಂದ್ರದಿಂದ ಅನುದಾನ ಬಂದ ಕೂಡಲೇ ಪಾವತಿ ಮಾಡಲಾಗುವುದು ಎಂದರು.

ಬೇಡಿಕೆ ಈಡೇರದಿದ್ದರೆ ಅನಿರ್ದಿಷ್ಟಾವಧಿ ಮುಷ್ಕರ ನಡೆಸುವುದಾಗಿ ಸಂಘಟನೆ ಮುಖಂಡರು ಎಚ್ಚರಿಸಿದ್ದಾರೆ. ಇದರಿಂದ ಮಕ್ಕಳ ಪೌಷ್ಟಿಕ ಆಹಾರ ವಿತರಣೆಗೆ ತೊಂದರೆ ಆಗುವ ಸಾಧ್ಯತೆ ಇದೆ.
